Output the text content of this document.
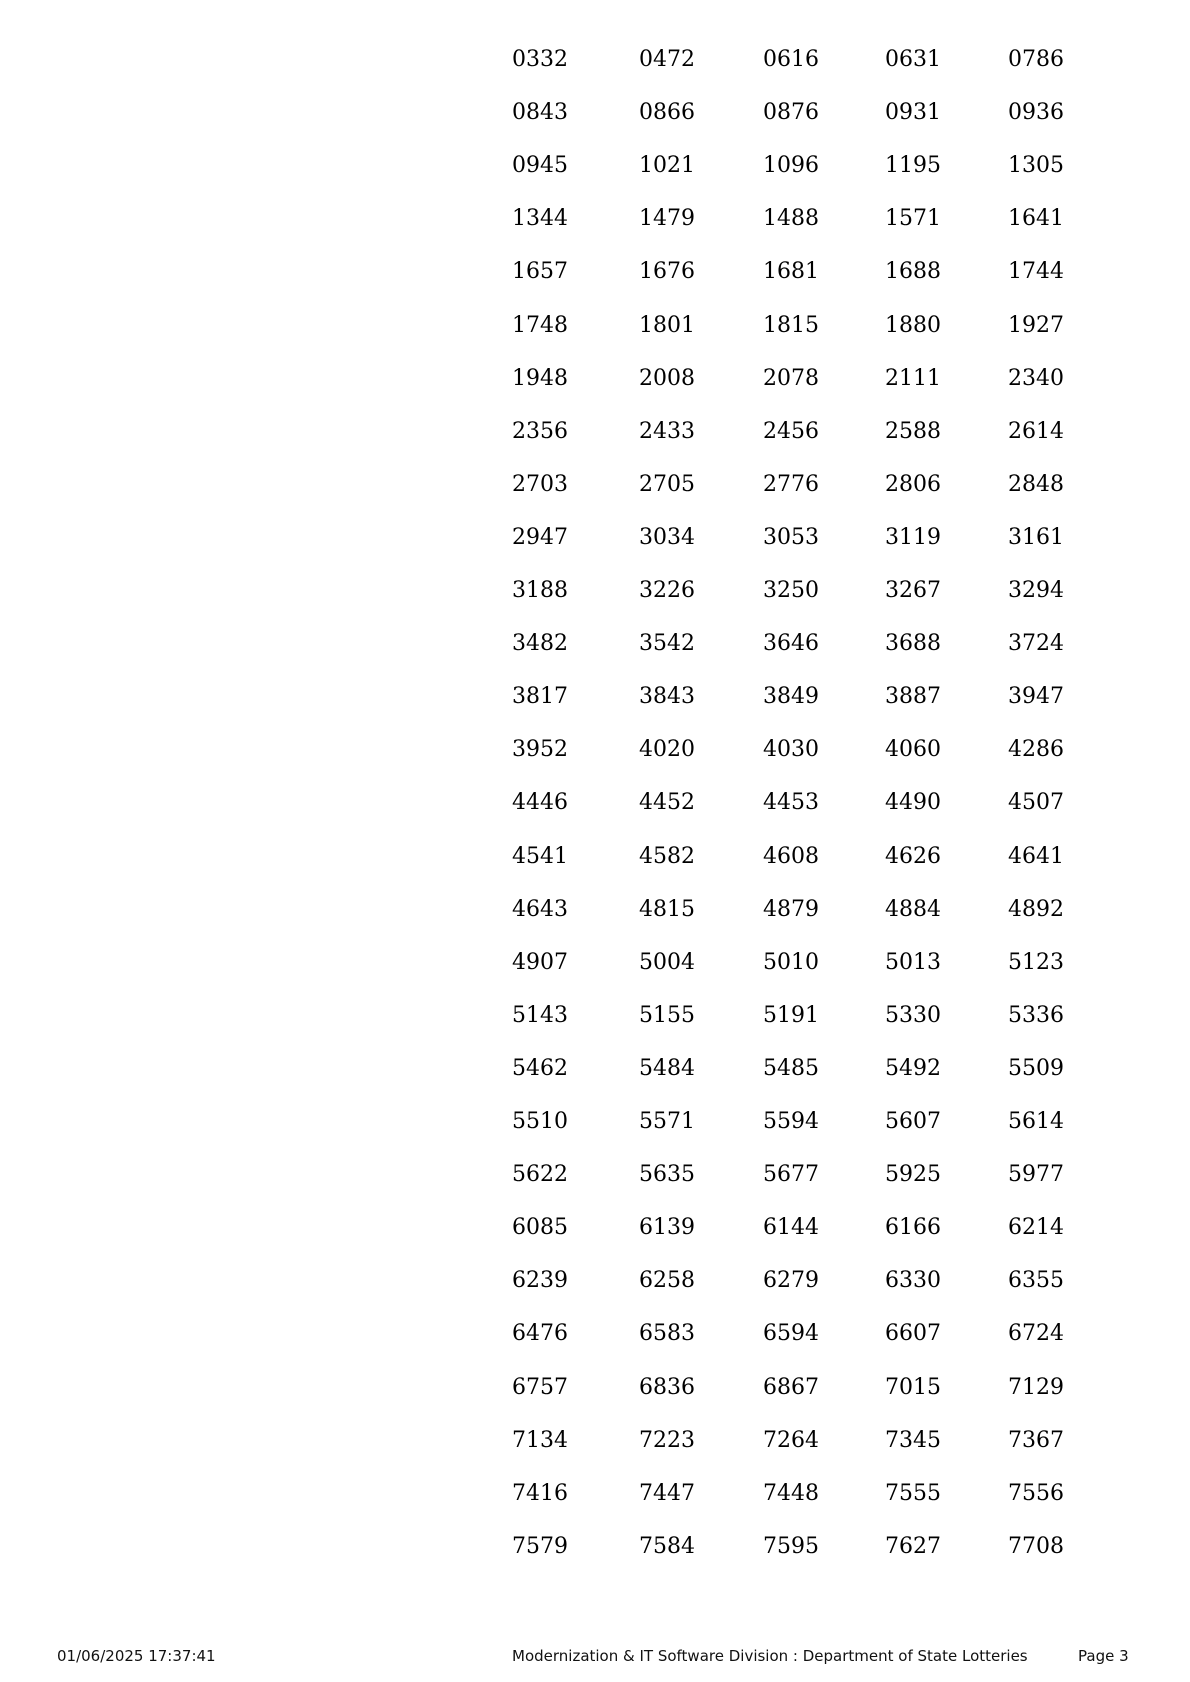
0332	0472	0616	0631	0786
0843	0866	0876	0931	0936
0945	1021	1096	1195	1305
1344	1479	1488	1571	1641
1657	1676	1681	1688	1744
1748	1801	1815	1880	1927
1948	2008	2078	2111	2340
2356	2433	2456	2588	2614
2703	2705	2776	2806	2848
2947	3034	3053	3119	3161
3188	3226	3250	3267	3294
3482	3542	3646	3688	3724
3817	3843	3849	3887	3947
3952	4020	4030	4060	4286
4446	4452	4453	4490	4507
4541	4582	4608	4626	4641
4643	4815	4879	4884	4892
4907	5004	5010	5013	5123
5143	5155	5191	5330	5336
5462	5484	5485	5492	5509
5510	5571	5594	5607	5614
5622	5635	5677	5925	5977
6085	6139	6144	6166	6214
6239	6258	6279	6330	6355
6476	6583	6594	6607	6724
6757	6836	6867	7015	7129
7134	7223	7264	7345	7367
7416	7447	7448	7555	7556
7579	7584	7595	7627	7708
01/06/2025 17:37:41	Modernization & IT Software Division : Department of State Lotteries	Page 3
